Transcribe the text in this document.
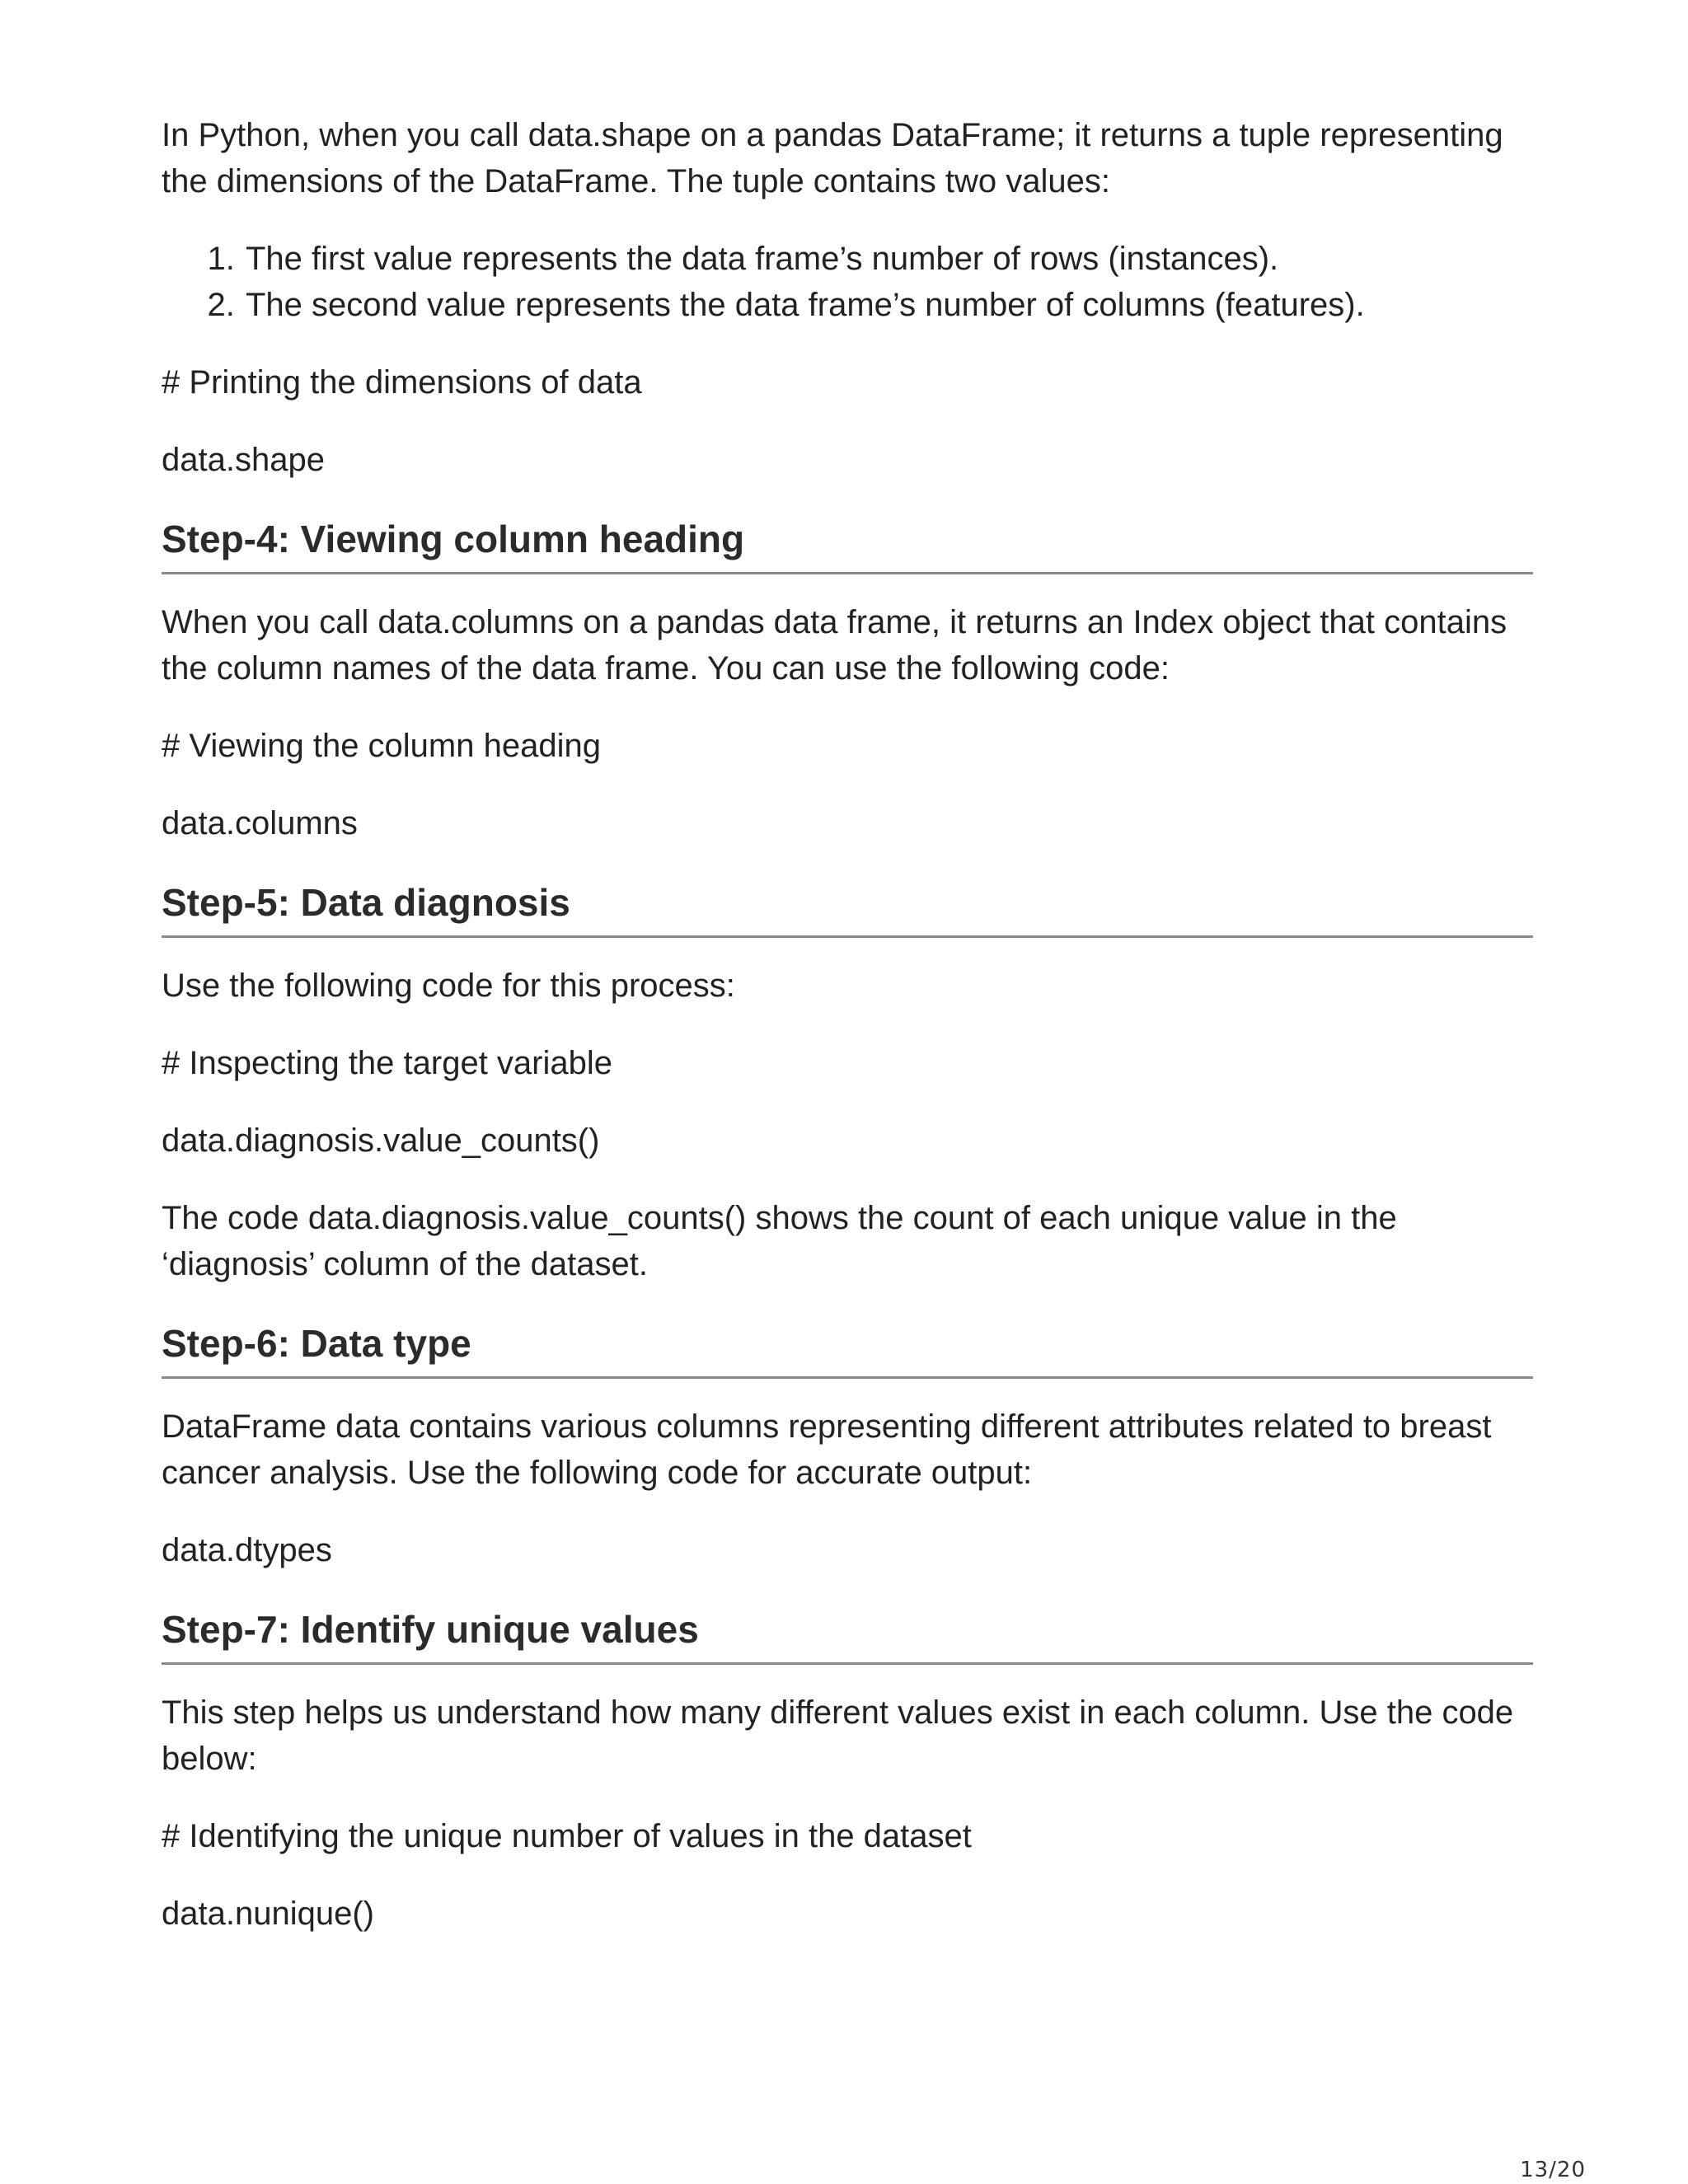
In Python, when you call data.shape on a pandas DataFrame; it returns a tuple representing the dimensions of the DataFrame. The tuple contains two values:

1. The first value represents the data frame’s number of rows (instances).
2. The second value represents the data frame’s number of columns (features).

# Printing the dimensions of data

data.shape

Step-4: Viewing column heading

When you call data.columns on a pandas data frame, it returns an Index object that contains the column names of the data frame. You can use the following code:

# Viewing the column heading

data.columns

Step-5: Data diagnosis

Use the following code for this process:

# Inspecting the target variable

data.diagnosis.value_counts()

The code data.diagnosis.value_counts() shows the count of each unique value in the ‘diagnosis’ column of the dataset.

Step-6: Data type

DataFrame data contains various columns representing different attributes related to breast cancer analysis. Use the following code for accurate output:

data.dtypes

Step-7: Identify unique values

This step helps us understand how many different values exist in each column. Use the code below:

# Identifying the unique number of values in the dataset

data.nunique()

13/20
